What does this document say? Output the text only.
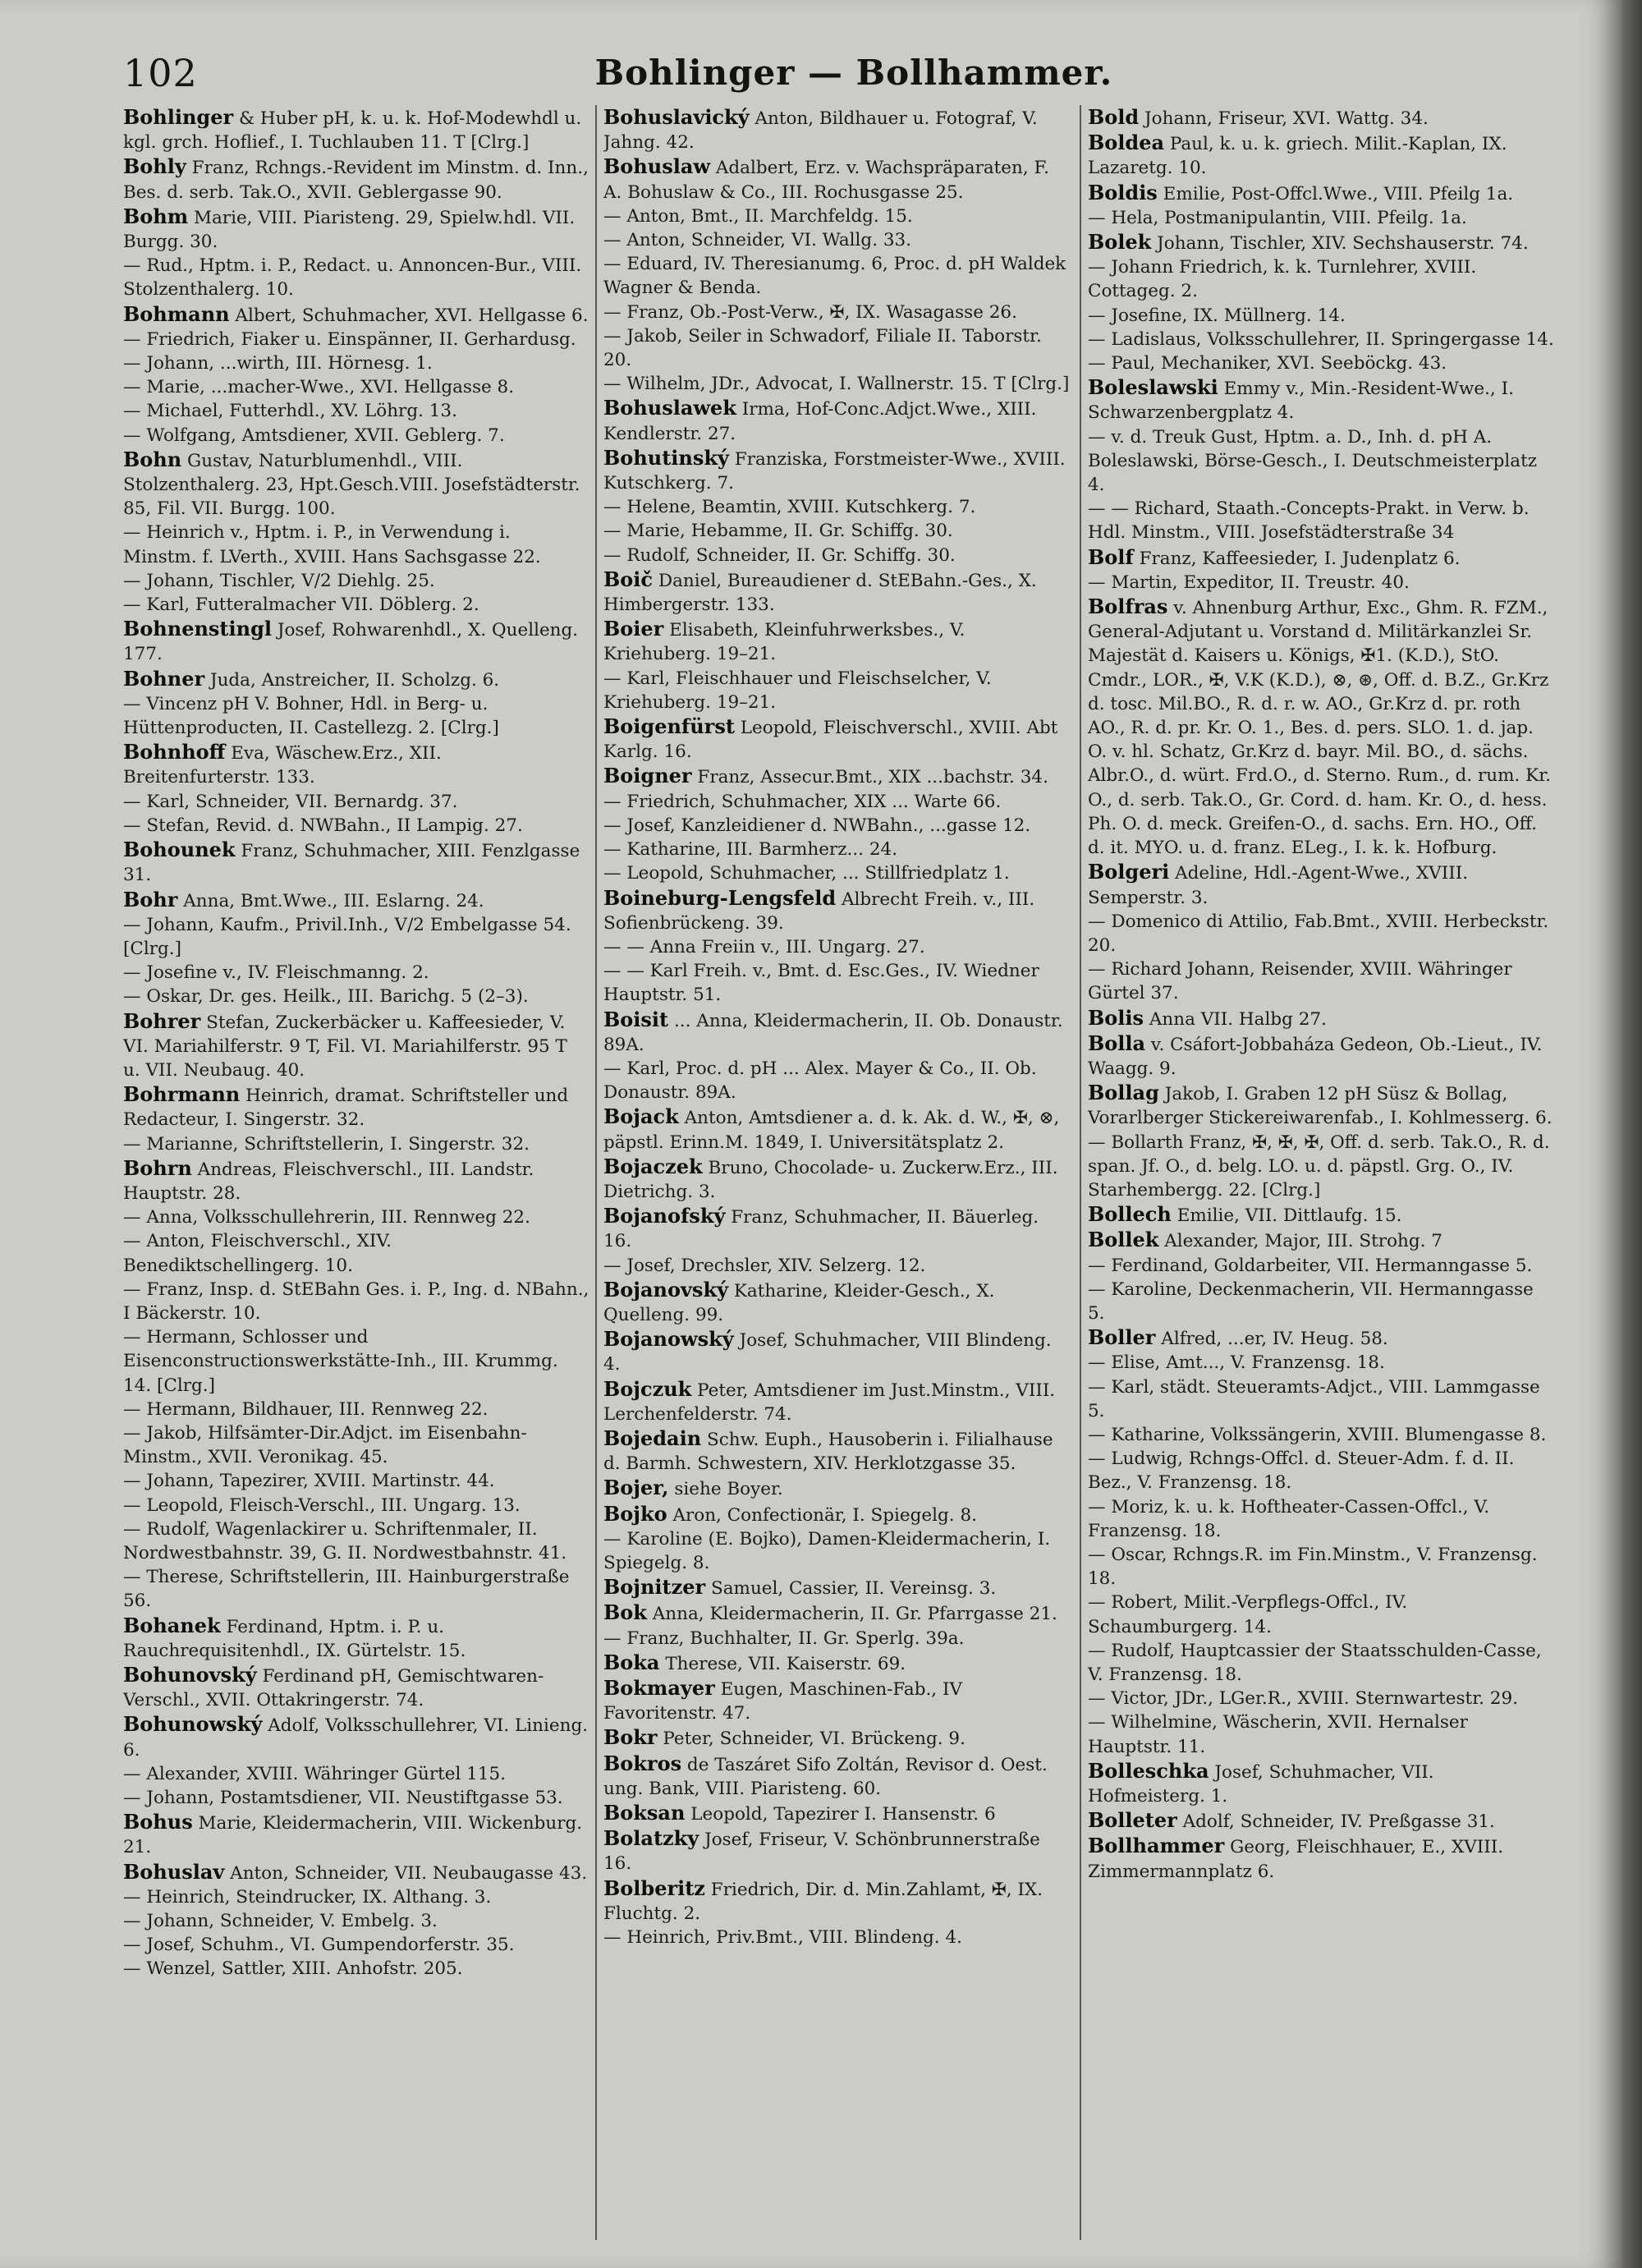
102	Bohlinger — Bollhammer.

Bohlinger & Huber pH, k. u. k. Hof-Modewhdl u. kgl. grch. Hoflief., I. Tuchlauben 11. T [Clrg.]

Bohly Franz, Rchngs.-Revident im Minstm. d. Inn., Bes. d. serb. Tak.O., XVII. Geblergasse 90.

Bohm Marie, VIII. Piaristeng. 29, Spielw.hdl. VII. Burgg. 30.

— Rud., Hptm. i. P., Redact. u. Annoncen-Bur., VIII. Stolzenthalerg. 10.

Bohmann Albert, Schuhmacher, XVI. Hellgasse 6.

— Friedrich, Fiaker u. Einspänner, II. Gerhardusg.

— Johann, ...wirth, III. Hörnesg. 1.

— Marie, ...macher-Wwe., XVI. Hellgasse 8.

— Michael, Futterhdl., XV. Löhrg. 13.

— Wolfgang, Amtsdiener, XVII. Geblerg. 7.

Bohn Gustav, Naturblumenhdl., VIII. Stolzenthalerg. 23, Hpt.Gesch.VIII. Josefstädterstr. 85, Fil. VII. Burgg. 100.

— Heinrich v., Hptm. i. P., in Verwendung i. Minstm. f. LVerth., XVIII. Hans Sachsgasse 22.

— Johann, Tischler, V/2 Diehlg. 25.

— Karl, Futteralmacher VII. Döblerg. 2.

Bohnenstingl Josef, Rohwarenhdl., X. Quelleng. 177.

Bohner Juda, Anstreicher, II. Scholzg. 6.

— Vincenz pH V. Bohner, Hdl. in Berg- u. Hüttenproducten, II. Castellezg. 2. [Clrg.]

Bohnhoff Eva, Wäschew.Erz., XII. Breitenfurterstr. 133.

— Karl, Schneider, VII. Bernardg. 37.

— Stefan, Revid. d. NWBahn., II Lampig. 27.

Bohounek Franz, Schuhmacher, XIII. Fenzlgasse 31.

Bohr Anna, Bmt.Wwe., III. Eslarng. 24.

— Johann, Kaufm., Privil.Inh., V/2 Embelgasse 54. [Clrg.]

— Josefine v., IV. Fleischmanng. 2.

— Oskar, Dr. ges. Heilk., III. Barichg. 5 (2–3).

Bohrer Stefan, Zuckerbäcker u. Kaffeesieder, V. VI. Mariahilferstr. 9 T, Fil. VI. Mariahilferstr. 95 T u. VII. Neubaug. 40.

Bohrmann Heinrich, dramat. Schriftsteller und Redacteur, I. Singerstr. 32.

— Marianne, Schriftstellerin, I. Singerstr. 32.

Bohrn Andreas, Fleischverschl., III. Landstr. Hauptstr. 28.

— Anna, Volksschullehrerin, III. Rennweg 22.

— Anton, Fleischverschl., XIV. Benediktschellingerg. 10.

— Franz, Insp. d. StEBahn Ges. i. P., Ing. d. NBahn., I Bäckerstr. 10.

— Hermann, Schlosser und Eisenconstructionswerkstätte-Inh., III. Krummg. 14. [Clrg.]

— Hermann, Bildhauer, III. Rennweg 22.

— Jakob, Hilfsämter-Dir.Adjct. im Eisenbahn-Minstm., XVII. Veronikag. 45.

— Johann, Tapezirer, XVIII. Martinstr. 44.

— Leopold, Fleisch-Verschl., III. Ungarg. 13.

— Rudolf, Wagenlackirer u. Schriftenmaler, II. Nordwestbahnstr. 39, G. II. Nordwestbahnstr. 41.

— Therese, Schriftstellerin, III. Hainburgerstraße 56.

Bohanek Ferdinand, Hptm. i. P. u. Rauchrequisitenhdl., IX. Gürtelstr. 15.

Bohunovský Ferdinand pH, Gemischtwaren-Verschl., XVII. Ottakringerstr. 74.

Bohunowský Adolf, Volksschullehrer, VI. Linieng. 6.

— Alexander, XVIII. Währinger Gürtel 115.

— Johann, Postamtsdiener, VII. Neustiftgasse 53.

Bohus Marie, Kleidermacherin, VIII. Wickenburg. 21.

Bohuslav Anton, Schneider, VII. Neubaugasse 43.

— Heinrich, Steindrucker, IX. Althang. 3.

— Johann, Schneider, V. Embelg. 3.

— Josef, Schuhm., VI. Gumpendorferstr. 35.

— Wenzel, Sattler, XIII. Anhofstr. 205.

Bohuslavický Anton, Bildhauer u. Fotograf, V. Jahng. 42.

Bohuslaw Adalbert, Erz. v. Wachspräparaten, F. A. Bohuslaw & Co., III. Rochusgasse 25.

— Anton, Bmt., II. Marchfeldg. 15.

— Anton, Schneider, VI. Wallg. 33.

— Eduard, IV. Theresianumg. 6, Proc. d. pH Waldek Wagner & Benda.

— Franz, Ob.-Post-Verw., ✠, IX. Wasagasse 26.

— Jakob, Seiler in Schwadorf, Filiale II. Taborstr. 20.

— Wilhelm, JDr., Advocat, I. Wallnerstr. 15. T [Clrg.]

Bohuslawek Irma, Hof-Conc.Adjct.Wwe., XIII. Kendlerstr. 27.

Bohutinský Franziska, Forstmeister-Wwe., XVIII. Kutschkerg. 7.

— Helene, Beamtin, XVIII. Kutschkerg. 7.

— Marie, Hebamme, II. Gr. Schiffg. 30.

— Rudolf, Schneider, II. Gr. Schiffg. 30.

Boič Daniel, Bureaudiener d. StEBahn.-Ges., X. Himbergerstr. 133.

Boier Elisabeth, Kleinfuhrwerksbes., V. Kriehuberg. 19–21.

— Karl, Fleischhauer und Fleischselcher, V. Kriehuberg. 19–21.

Boigenfürst Leopold, Fleischverschl., XVIII. Abt Karlg. 16.

Boigner Franz, Assecur.Bmt., XIX ...bachstr. 34.

— Friedrich, Schuhmacher, XIX ... Warte 66.

— Josef, Kanzleidiener d. NWBahn., ...gasse 12.

— Katharine, III. Barmherz... 24.

— Leopold, Schuhmacher, ... Stillfriedplatz 1.

Boineburg-Lengsfeld Albrecht Freih. v., III. Sofienbrückeng. 39.

— — Anna Freiin v., III. Ungarg. 27.

— — Karl Freih. v., Bmt. d. Esc.Ges., IV. Wiedner Hauptstr. 51.

Boisit ... Anna, Kleidermacherin, II. Ob. Donaustr. 89A.

— Karl, Proc. d. pH ... Alex. Mayer & Co., II. Ob. Donaustr. 89A.

Bojack Anton, Amtsdiener a. d. k. Ak. d. W., ✠, ⊗, päpstl. Erinn.M. 1849, I. Universitätsplatz 2.

Bojaczek Bruno, Chocolade- u. Zuckerw.Erz., III. Dietrichg. 3.

Bojanofský Franz, Schuhmacher, II. Bäuerleg. 16.

— Josef, Drechsler, XIV. Selzerg. 12.

Bojanovský Katharine, Kleider-Gesch., X. Quelleng. 99.

Bojanowský Josef, Schuhmacher, VIII Blindeng. 4.

Bojczuk Peter, Amtsdiener im Just.Minstm., VIII. Lerchenfelderstr. 74.

Bojedain Schw. Euph., Hausoberin i. Filialhause d. Barmh. Schwestern, XIV. Herklotzgasse 35.

Bojer, siehe Boyer.

Bojko Aron, Confectionär, I. Spiegelg. 8.

— Karoline (E. Bojko), Damen-Kleidermacherin, I. Spiegelg. 8.

Bojnitzer Samuel, Cassier, II. Vereinsg. 3.

Bok Anna, Kleidermacherin, II. Gr. Pfarrgasse 21.

— Franz, Buchhalter, II. Gr. Sperlg. 39a.

Boka Therese, VII. Kaiserstr. 69.

Bokmayer Eugen, Maschinen-Fab., IV Favoritenstr. 47.

Bokr Peter, Schneider, VI. Brückeng. 9.

Bokros de Taszáret Sifo Zoltán, Revisor d. Oest. ung. Bank, VIII. Piaristeng. 60.

Boksan Leopold, Tapezirer I. Hansenstr. 6

Bolatzky Josef, Friseur, V. Schönbrunnerstraße 16.

Bolberitz Friedrich, Dir. d. Min.Zahlamt, ✠, IX. Fluchtg. 2.

— Heinrich, Priv.Bmt., VIII. Blindeng. 4.

Bold Johann, Friseur, XVI. Wattg. 34.

Boldea Paul, k. u. k. griech. Milit.-Kaplan, IX. Lazaretg. 10.

Boldis Emilie, Post-Offcl.Wwe., VIII. Pfeilg 1a.

— Hela, Postmanipulantin, VIII. Pfeilg. 1a.

Bolek Johann, Tischler, XIV. Sechshauserstr. 74.

— Johann Friedrich, k. k. Turnlehrer, XVIII. Cottageg. 2.

— Josefine, IX. Müllnerg. 14.

— Ladislaus, Volksschullehrer, II. Springergasse 14.

— Paul, Mechaniker, XVI. Seeböckg. 43.

Boleslawski Emmy v., Min.-Resident-Wwe., I. Schwarzenbergplatz 4.

— v. d. Treuk Gust, Hptm. a. D., Inh. d. pH A. Boleslawski, Börse-Gesch., I. Deutschmeisterplatz 4.

— — Richard, Staath.-Concepts-Prakt. in Verw. b. Hdl. Minstm., VIII. Josefstädterstraße 34

Bolf Franz, Kaffeesieder, I. Judenplatz 6.

— Martin, Expeditor, II. Treustr. 40.

Bolfras v. Ahnenburg Arthur, Exc., Ghm. R. FZM., General-Adjutant u. Vorstand d. Militärkanzlei Sr. Majestät d. Kaisers u. Königs, ✠1. (K.D.), StO. Cmdr., LOR., ✠, V.K (K.D.), ⊗, ⊛, Off. d. B.Z., Gr.Krz d. tosc. Mil.BO., R. d. r. w. AO., Gr.Krz d. pr. roth AO., R. d. pr. Kr. O. 1., Bes. d. pers. SLO. 1. d. jap. O. v. hl. Schatz, Gr.Krz d. bayr. Mil. BO., d. sächs. Albr.O., d. würt. Frd.O., d. Sterno. Rum., d. rum. Kr. O., d. serb. Tak.O., Gr. Cord. d. ham. Kr. O., d. hess. Ph. O. d. meck. Greifen-O., d. sachs. Ern. HO., Off. d. it. MYO. u. d. franz. ELeg., I. k. k. Hofburg.

Bolgeri Adeline, Hdl.-Agent-Wwe., XVIII. Semperstr. 3.

— Domenico di Attilio, Fab.Bmt., XVIII. Herbeckstr. 20.

— Richard Johann, Reisender, XVIII. Währinger Gürtel 37.

Bolis Anna VII. Halbg 27.

Bolla v. Csáfort-Jobbaháza Gedeon, Ob.-Lieut., IV. Waagg. 9.

Bollag Jakob, I. Graben 12 pH Süsz & Bollag, Vorarlberger Stickereiwarenfab., I. Kohlmesserg. 6.

— Bollarth Franz, ✠, ✠, ✠, Off. d. serb. Tak.O., R. d. span. Jf. O., d. belg. LO. u. d. päpstl. Grg. O., IV. Starhembergg. 22. [Clrg.]

Bollech Emilie, VII. Dittlaufg. 15.

Bollek Alexander, Major, III. Strohg. 7

— Ferdinand, Goldarbeiter, VII. Hermanngasse 5.

— Karoline, Deckenmacherin, VII. Hermanngasse 5.

Boller Alfred, ...er, IV. Heug. 58.

— Elise, Amt..., V. Franzensg. 18.

— Karl, städt. Steueramts-Adjct., VIII. Lammgasse 5.

— Katharine, Volkssängerin, XVIII. Blumengasse 8.

— Ludwig, Rchngs-Offcl. d. Steuer-Adm. f. d. II. Bez., V. Franzensg. 18.

— Moriz, k. u. k. Hoftheater-Cassen-Offcl., V. Franzensg. 18.

— Oscar, Rchngs.R. im Fin.Minstm., V. Franzensg. 18.

— Robert, Milit.-Verpflegs-Offcl., IV. Schaumburgerg. 14.

— Rudolf, Hauptcassier der Staatsschulden-Casse, V. Franzensg. 18.

— Victor, JDr., LGer.R., XVIII. Sternwartestr. 29.

— Wilhelmine, Wäscherin, XVII. Hernalser Hauptstr. 11.

Bolleschka Josef, Schuhmacher, VII. Hofmeisterg. 1.

Bolleter Adolf, Schneider, IV. Preßgasse 31.

Bollhammer Georg, Fleischhauer, E., XVIII. Zimmermannplatz 6.
